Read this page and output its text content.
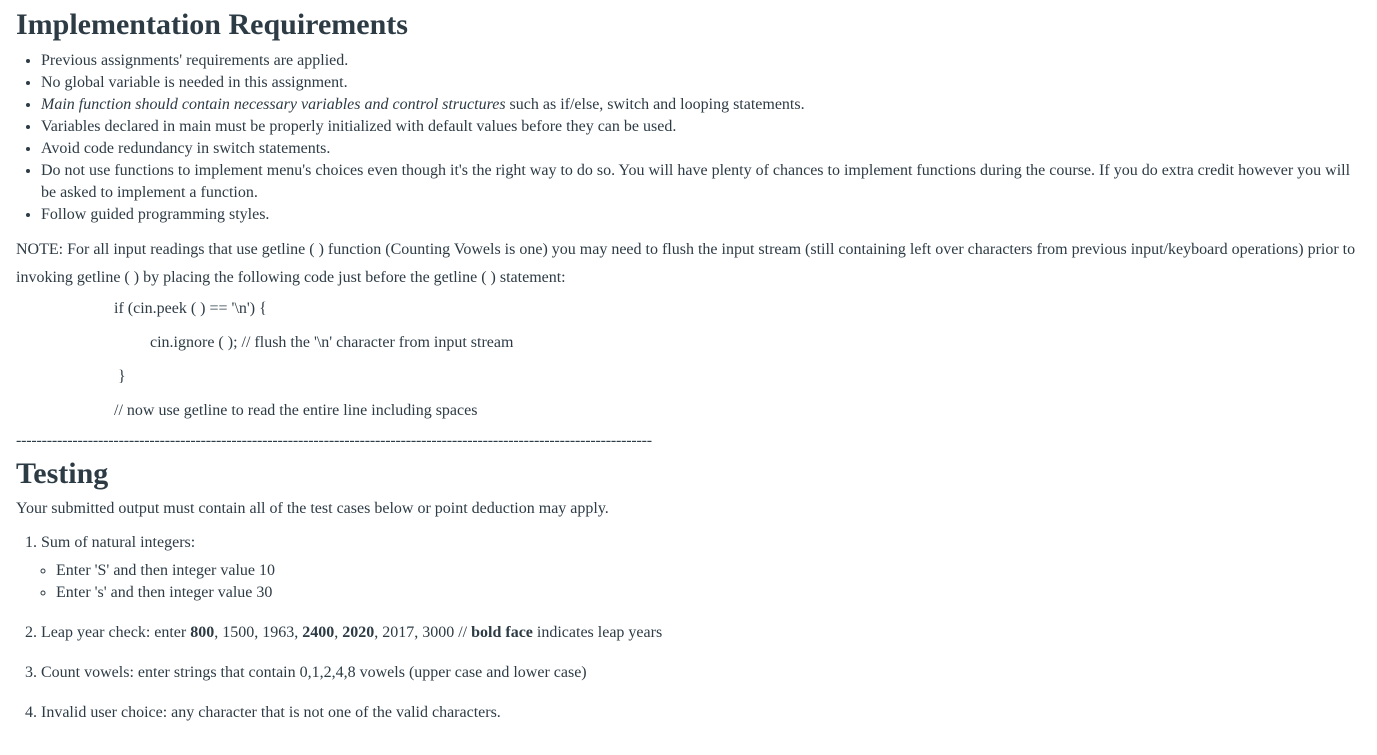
Implementation Requirements
• Previous assignments' requirements are applied.
• No global variable is needed in this assignment.
• Main function should contain necessary variables and control structures such as if/else, switch and looping statements.
• Variables declared in main must be properly initialized with default values before they can be used.
• Avoid code redundancy in switch statements.
• Do not use functions to implement menu's choices even though it's the right way to do so. You will have plenty of chances to implement functions during the course. If you do extra credit however you will be asked to implement a function.
• Follow guided programming styles.

NOTE: For all input readings that use getline ( ) function (Counting Vowels is one) you may need to flush the input stream (still containing left over characters from previous input/keyboard operations) prior to invoking getline ( ) by placing the following code just before the getline ( ) statement:

if (cin.peek ( ) == '\n') {
cin.ignore ( ); // flush the '\n' character from input stream
}
// now use getline to read the entire line including spaces
----------------------------------------------------------------------------------------------------------------------------
Testing

Your submitted output must contain all of the test cases below or point deduction may apply.

1. Sum of natural integers:
◦ Enter 'S' and then integer value 10
◦ Enter 's' and then integer value 30
2. Leap year check: enter 800, 1500, 1963, 2400, 2020, 2017, 3000 // bold face indicates leap years
3. Count vowels: enter strings that contain 0,1,2,4,8 vowels (upper case and lower case)
4. Invalid user choice: any character that is not one of the valid characters.
